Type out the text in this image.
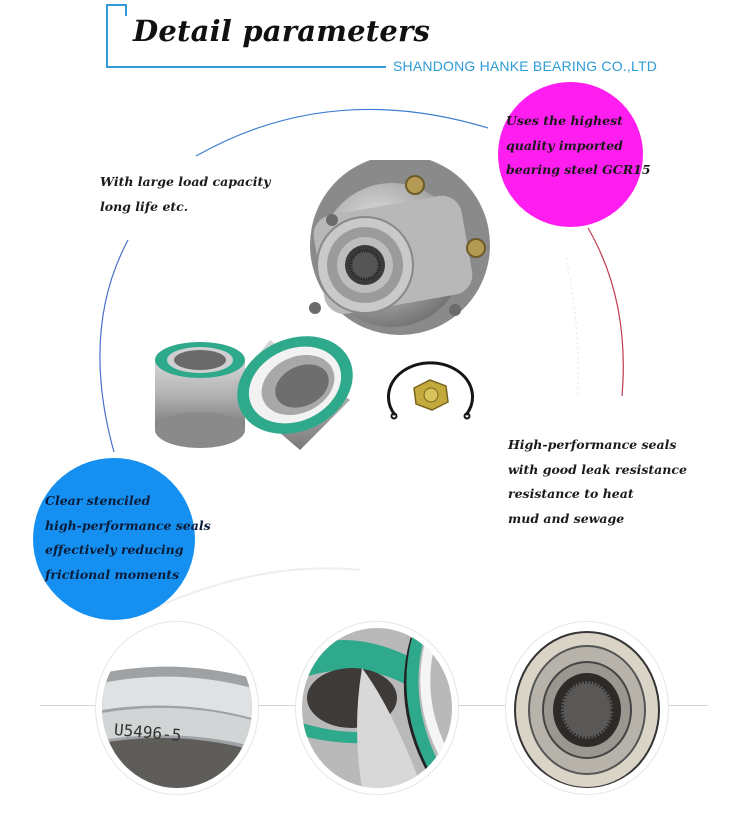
Detail parameters
SHANDONG HANKE BEARING CO.,LTD
With large load capacity
long life etc.
Uses the highest
quality imported
bearing steel GCR15
High-performance seals
with good leak resistance
resistance to heat
mud and sewage
Clear stenciled
high-performance seals
effectively reducing
frictional moments
U5496-5
